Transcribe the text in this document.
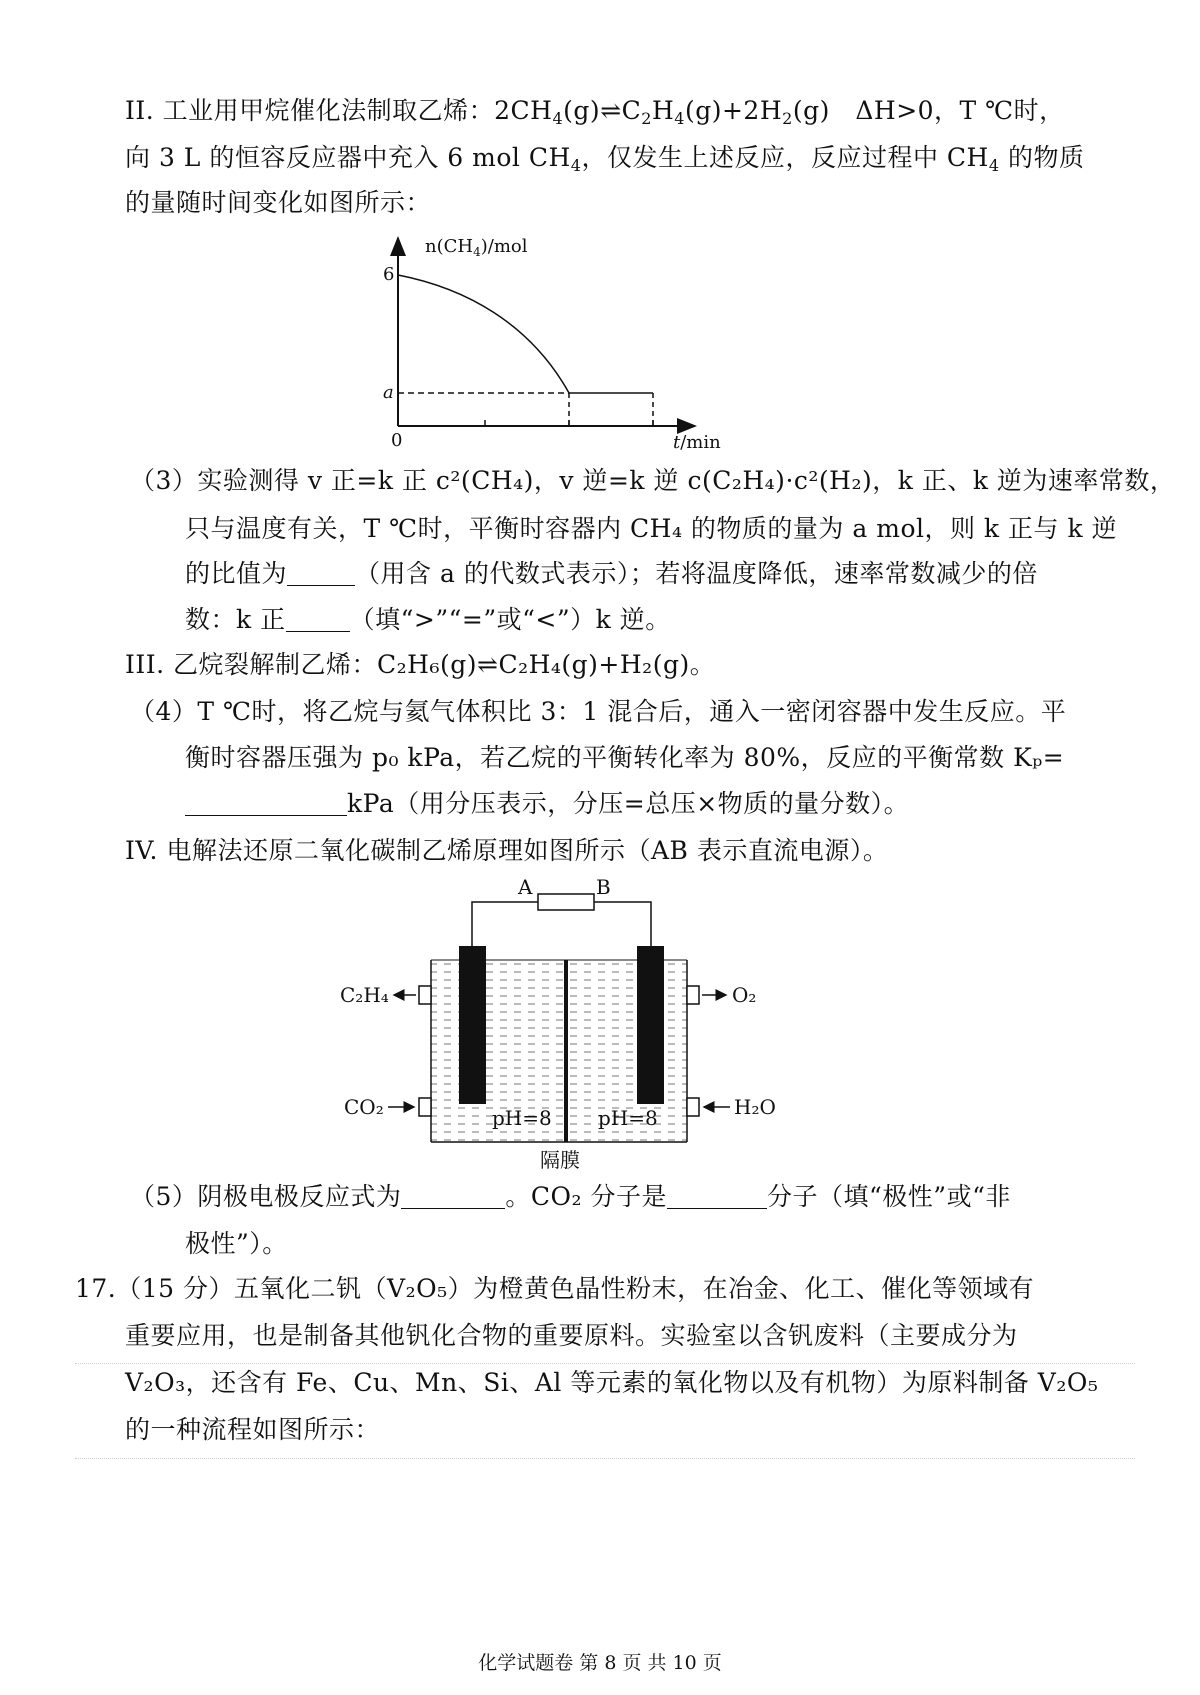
II. 工业用甲烷催化法制取乙烯：$2CH_4(g)\rightleftharpoons C_2H_4(g)+2H_2(g)$　ΔH>0，T ℃时，
向 3 L 的恒容反应器中充入 6 mol $CH_4$，仅发生上述反应，反应过程中 $CH_4$ 的物质
的量随时间变化如图所示：
$n(CH_4)$/mol
6
a
0	t/min
（3）实验测得 v 正=k 正 c²(CH₄)，v 逆=k 逆 c(C₂H₄)·c²(H₂)，k 正、k 逆为速率常数，
只与温度有关，T ℃时，平衡时容器内 CH₄ 的物质的量为 a mol，则 k 正与 k 逆
的比值为	（用含 a 的代数式表示）；若将温度降低，速率常数减少的倍
数：k 正	（填“>”“=”或“<”）k 逆。
III. 乙烷裂解制乙烯：C₂H₆(g)⇌C₂H₄(g)+H₂(g)。
（4）T ℃时，将乙烷与氦气体积比 3：1 混合后，通入一密闭容器中发生反应。平
衡时容器压强为 p₀ kPa，若乙烷的平衡转化率为 80%，反应的平衡常数 Kₚ=
kPa（用分压表示，分压=总压×物质的量分数）。
IV. 电解法还原二氧化碳制乙烯原理如图所示（AB 表示直流电源）。
A	B
C₂H₄
CO₂
O₂
H₂O
pH=8 pH=8
隔膜
（5）阴极电极反应式为	。CO₂ 分子是	分子（填“极性”或“非
极性”）。
17.（15 分）五氧化二钒（V₂O₅）为橙黄色晶性粉末，在冶金、化工、催化等领域有
重要应用，也是制备其他钒化合物的重要原料。实验室以含钒废料（主要成分为
V₂O₃，还含有 Fe、Cu、Mn、Si、Al 等元素的氧化物以及有机物）为原料制备 V₂O₅
的一种流程如图所示：
化学试题卷 第 8 页 共 10 页
